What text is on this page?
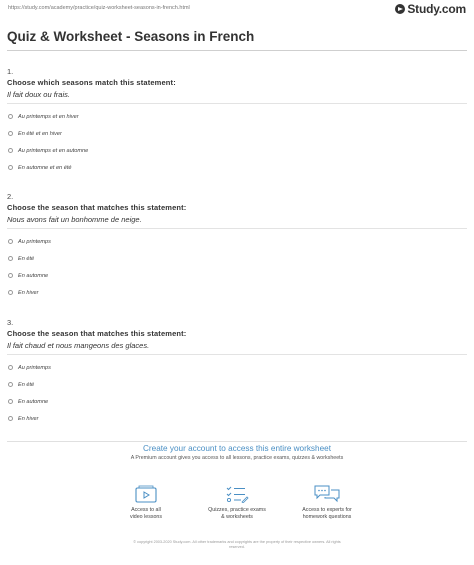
https://study.com/academy/practice/quiz-worksheet-seasons-in-french.html	Study.com
Quiz & Worksheet - Seasons in French
1.
Choose which seasons match this statement:
Il fait doux ou frais.
Au printemps et en hiver
En été et en hiver
Au printemps et en automne
En automne et en été
2.
Choose the season that matches this statement:
Nous avons fait un bonhomme de neige.
Au printemps
En été
En automne
En hiver
3.
Choose the season that matches this statement:
Il fait chaud et nous mangeons des glaces.
Au printemps
En été
En automne
En hiver
Create your account to access this entire worksheet
A Premium account gives you access to all lessons, practice exams, quizzes & worksheets
Access to all
video lessons
Quizzes, practice exams
& worksheets
Access to experts for
homework questions
© copyright 2003-2020 Study.com. All other trademarks and copyrights are the property of their respective owners. All rights
reserved.
